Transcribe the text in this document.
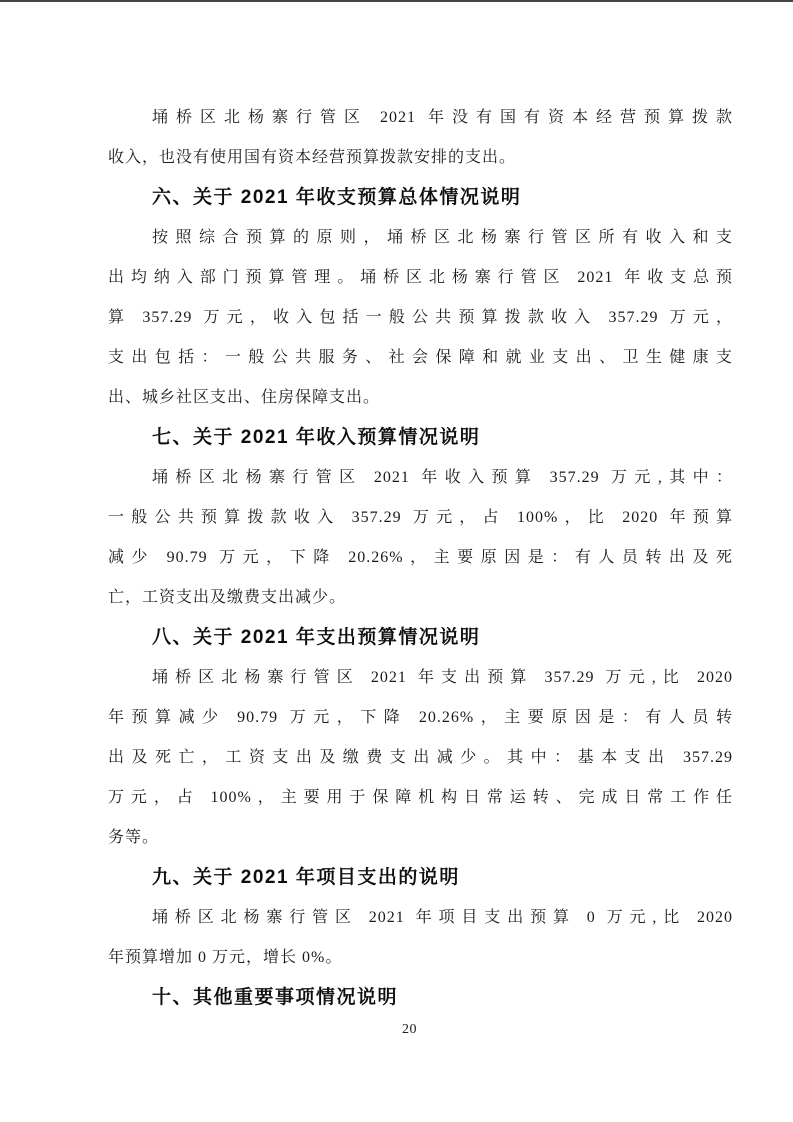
埇桥区北杨寨行管区 2021 年没有国有资本经营预算拨款
收入，也没有使用国有资本经营预算拨款安排的支出。
六、关于 2021 年收支预算总体情况说明
按照综合预算的原则，埇桥区北杨寨行管区所有收入和支
出均纳入部门预算管理。埇桥区北杨寨行管区 2021 年收支总预
算 357.29 万元，收入包括一般公共预算拨款收入 357.29 万元，
支出包括：一般公共服务、社会保障和就业支出、卫生健康支
出、城乡社区支出、住房保障支出。
七、关于 2021 年收入预算情况说明
埇桥区北杨寨行管区 2021 年收入预算 357.29 万元,其中：
一般公共预算拨款收入 357.29 万元，占 100%，比 2020 年预算
减少 90.79 万元，下降 20.26%，主要原因是：有人员转出及死
亡，工资支出及缴费支出减少。
八、关于 2021 年支出预算情况说明
埇桥区北杨寨行管区 2021 年支出预算 357.29 万元,比 2020
年预算减少 90.79 万元，下降 20.26%，主要原因是：有人员转
出及死亡，工资支出及缴费支出减少。其中：基本支出 357.29
万元，占 100%，主要用于保障机构日常运转、完成日常工作任
务等。
九、关于 2021 年项目支出的说明
埇桥区北杨寨行管区 2021 年项目支出预算 0 万元,比 2020
年预算增加 0 万元，增长 0%。
十、其他重要事项情况说明
20
